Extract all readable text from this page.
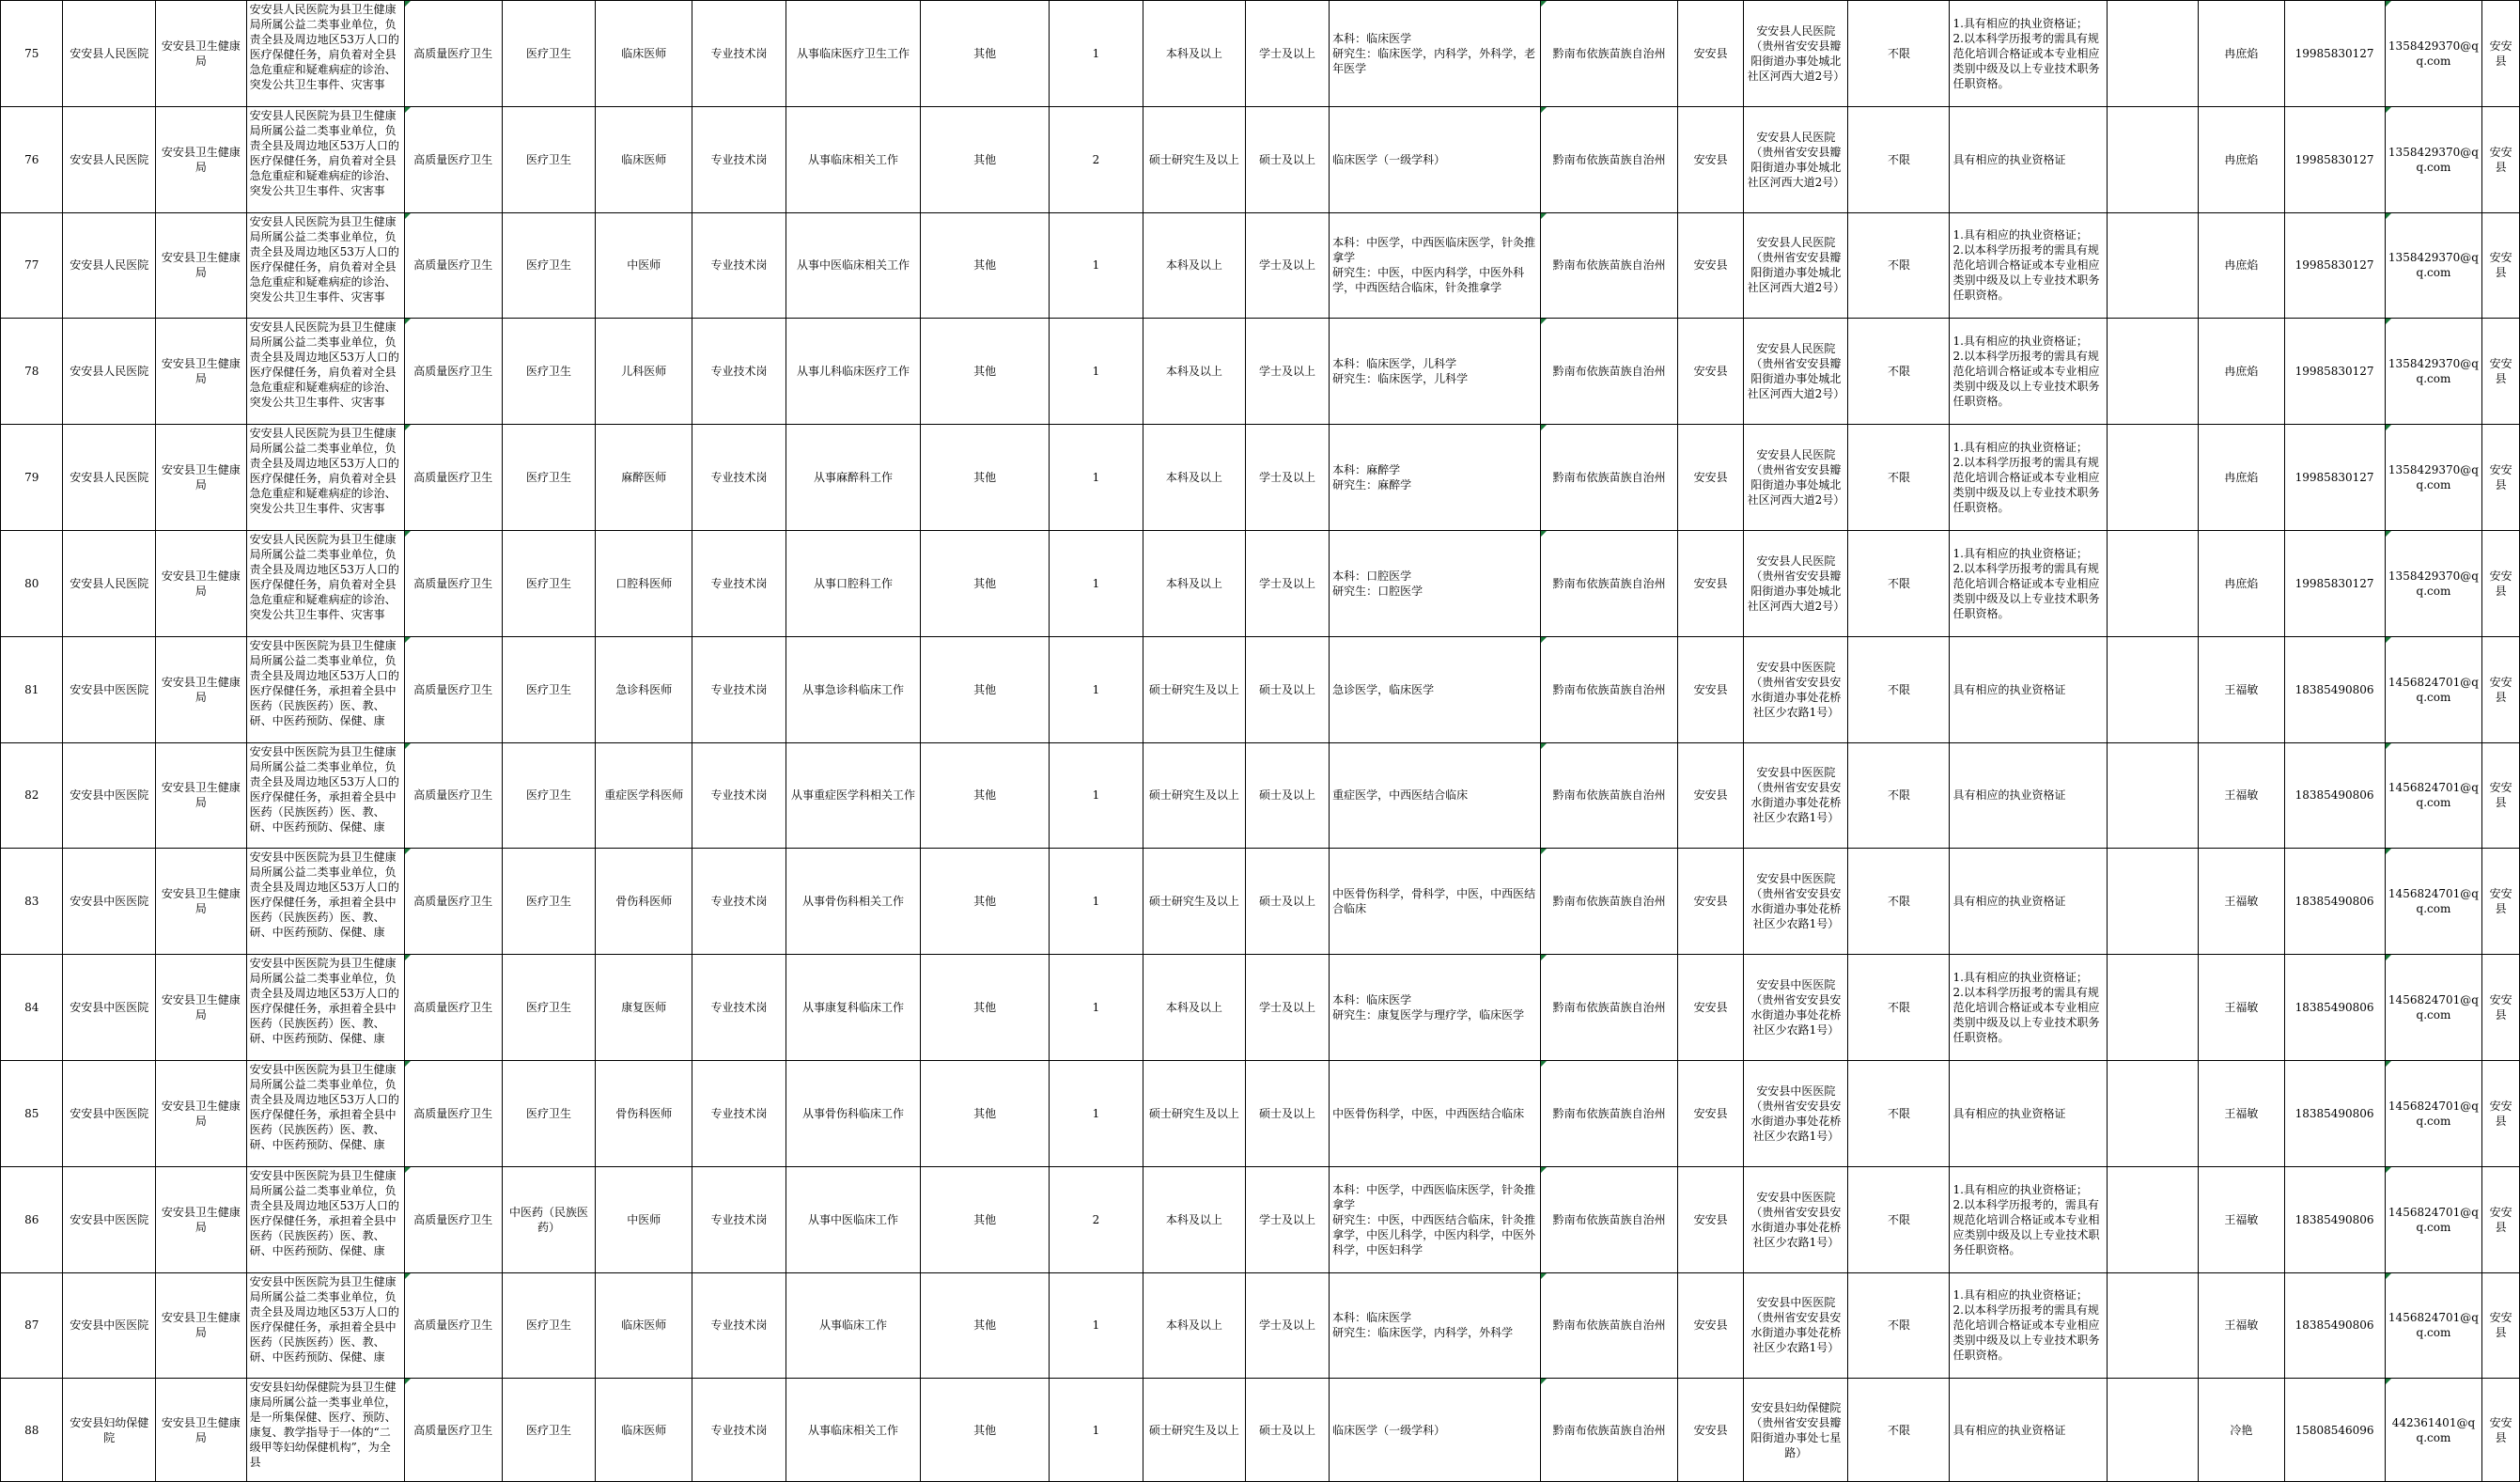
75	安安县人民医院	安安县卫生健康局	安安县人民医院为县卫生健康局所属公益二类事业单位，负责全县及周边地区53万人口的医疗保健任务，肩负着对全县急危重症和疑难病症的诊治、突发公共卫生事件、灾害事	高质量医疗卫生	医疗卫生	临床医师	专业技术岗	从事临床医疗卫生工作	其他	1	本科及以上	学士及以上	本科：临床医学
研究生：临床医学，内科学，外科学，老年医学	黔南布依族苗族自治州	安安县	安安县人民医院（贵州省安安县瓣阳街道办事处城北社区河西大道2号）	不限	1.具有相应的执业资格证；
2.以本科学历报考的需具有规范化培训合格证或本专业相应类别中级及以上专业技术职务任职资格。		冉庶焰	19985830127	1358429370@qq.com	安安县

76	安安县人民医院	安安县卫生健康局	安安县人民医院为县卫生健康局所属公益二类事业单位，负责全县及周边地区53万人口的医疗保健任务，肩负着对全县急危重症和疑难病症的诊治、突发公共卫生事件、灾害事	高质量医疗卫生	医疗卫生	临床医师	专业技术岗	从事临床相关工作	其他	2	硕士研究生及以上	硕士及以上	临床医学（一级学科）	黔南布依族苗族自治州	安安县	安安县人民医院（贵州省安安县瓣阳街道办事处城北社区河西大道2号）	不限	具有相应的执业资格证		冉庶焰	19985830127	1358429370@qq.com	安安县

77	安安县人民医院	安安县卫生健康局	安安县人民医院为县卫生健康局所属公益二类事业单位，负责全县及周边地区53万人口的医疗保健任务，肩负着对全县急危重症和疑难病症的诊治、突发公共卫生事件、灾害事	高质量医疗卫生	医疗卫生	中医师	专业技术岗	从事中医临床相关工作	其他	1	本科及以上	学士及以上	本科：中医学，中西医临床医学，针灸推拿学
研究生：中医，中医内科学，中医外科学，中西医结合临床，针灸推拿学	黔南布依族苗族自治州	安安县	安安县人民医院（贵州省安安县瓣阳街道办事处城北社区河西大道2号）	不限	1.具有相应的执业资格证；
2.以本科学历报考的需具有规范化培训合格证或本专业相应类别中级及以上专业技术职务任职资格。		冉庶焰	19985830127	1358429370@qq.com	安安县

78	安安县人民医院	安安县卫生健康局	安安县人民医院为县卫生健康局所属公益二类事业单位，负责全县及周边地区53万人口的医疗保健任务，肩负着对全县急危重症和疑难病症的诊治、突发公共卫生事件、灾害事	高质量医疗卫生	医疗卫生	儿科医师	专业技术岗	从事儿科临床医疗工作	其他	1	本科及以上	学士及以上	本科：临床医学，儿科学
研究生：临床医学，儿科学	黔南布依族苗族自治州	安安县	安安县人民医院（贵州省安安县瓣阳街道办事处城北社区河西大道2号）	不限	1.具有相应的执业资格证；
2.以本科学历报考的需具有规范化培训合格证或本专业相应类别中级及以上专业技术职务任职资格。		冉庶焰	19985830127	1358429370@qq.com	安安县

79	安安县人民医院	安安县卫生健康局	安安县人民医院为县卫生健康局所属公益二类事业单位，负责全县及周边地区53万人口的医疗保健任务，肩负着对全县急危重症和疑难病症的诊治、突发公共卫生事件、灾害事	高质量医疗卫生	医疗卫生	麻醉医师	专业技术岗	从事麻醉科工作	其他	1	本科及以上	学士及以上	本科：麻醉学
研究生：麻醉学	黔南布依族苗族自治州	安安县	安安县人民医院（贵州省安安县瓣阳街道办事处城北社区河西大道2号）	不限	1.具有相应的执业资格证；
2.以本科学历报考的需具有规范化培训合格证或本专业相应类别中级及以上专业技术职务任职资格。		冉庶焰	19985830127	1358429370@qq.com	安安县

80	安安县人民医院	安安县卫生健康局	安安县人民医院为县卫生健康局所属公益二类事业单位，负责全县及周边地区53万人口的医疗保健任务，肩负着对全县急危重症和疑难病症的诊治、突发公共卫生事件、灾害事	高质量医疗卫生	医疗卫生	口腔科医师	专业技术岗	从事口腔科工作	其他	1	本科及以上	学士及以上	本科：口腔医学
研究生：口腔医学	黔南布依族苗族自治州	安安县	安安县人民医院（贵州省安安县瓣阳街道办事处城北社区河西大道2号）	不限	1.具有相应的执业资格证；
2.以本科学历报考的需具有规范化培训合格证或本专业相应类别中级及以上专业技术职务任职资格。		冉庶焰	19985830127	1358429370@qq.com	安安县

81	安安县中医医院	安安县卫生健康局	安安县中医医院为县卫生健康局所属公益二类事业单位，负责全县及周边地区53万人口的医疗保健任务，承担着全县中医药（民族医药）医、教、研、中医药预防、保健、康	高质量医疗卫生	医疗卫生	急诊科医师	专业技术岗	从事急诊科临床工作	其他	1	硕士研究生及以上	硕士及以上	急诊医学，临床医学	黔南布依族苗族自治州	安安县	安安县中医医院（贵州省安安县安水街道办事处花桥社区少农路1号）	不限	具有相应的执业资格证		王福敏	18385490806	1456824701@qq.com	安安县

82	安安县中医医院	安安县卫生健康局	安安县中医医院为县卫生健康局所属公益二类事业单位，负责全县及周边地区53万人口的医疗保健任务，承担着全县中医药（民族医药）医、教、研、中医药预防、保健、康	高质量医疗卫生	医疗卫生	重症医学科医师	专业技术岗	从事重症医学科相关工作	其他	1	硕士研究生及以上	硕士及以上	重症医学，中西医结合临床	黔南布依族苗族自治州	安安县	安安县中医医院（贵州省安安县安水街道办事处花桥社区少农路1号）	不限	具有相应的执业资格证		王福敏	18385490806	1456824701@qq.com	安安县

83	安安县中医医院	安安县卫生健康局	安安县中医医院为县卫生健康局所属公益二类事业单位，负责全县及周边地区53万人口的医疗保健任务，承担着全县中医药（民族医药）医、教、研、中医药预防、保健、康	高质量医疗卫生	医疗卫生	骨伤科医师	专业技术岗	从事骨伤科相关工作	其他	1	硕士研究生及以上	硕士及以上	中医骨伤科学，骨科学，中医，中西医结合临床	黔南布依族苗族自治州	安安县	安安县中医医院（贵州省安安县安水街道办事处花桥社区少农路1号）	不限	具有相应的执业资格证		王福敏	18385490806	1456824701@qq.com	安安县

84	安安县中医医院	安安县卫生健康局	安安县中医医院为县卫生健康局所属公益二类事业单位，负责全县及周边地区53万人口的医疗保健任务，承担着全县中医药（民族医药）医、教、研、中医药预防、保健、康	高质量医疗卫生	医疗卫生	康复医师	专业技术岗	从事康复科临床工作	其他	1	本科及以上	学士及以上	本科：临床医学
研究生：康复医学与理疗学，临床医学	黔南布依族苗族自治州	安安县	安安县中医医院（贵州省安安县安水街道办事处花桥社区少农路1号）	不限	1.具有相应的执业资格证；
2.以本科学历报考的需具有规范化培训合格证或本专业相应类别中级及以上专业技术职务任职资格。		王福敏	18385490806	1456824701@qq.com	安安县

85	安安县中医医院	安安县卫生健康局	安安县中医医院为县卫生健康局所属公益二类事业单位，负责全县及周边地区53万人口的医疗保健任务，承担着全县中医药（民族医药）医、教、研、中医药预防、保健、康	高质量医疗卫生	医疗卫生	骨伤科医师	专业技术岗	从事骨伤科临床工作	其他	1	硕士研究生及以上	硕士及以上	中医骨伤科学，中医，中西医结合临床	黔南布依族苗族自治州	安安县	安安县中医医院（贵州省安安县安水街道办事处花桥社区少农路1号）	不限	具有相应的执业资格证		王福敏	18385490806	1456824701@qq.com	安安县

86	安安县中医医院	安安县卫生健康局	安安县中医医院为县卫生健康局所属公益二类事业单位，负责全县及周边地区53万人口的医疗保健任务，承担着全县中医药（民族医药）医、教、研、中医药预防、保健、康	高质量医疗卫生	中医药（民族医药）	中医师	专业技术岗	从事中医临床工作	其他	2	本科及以上	学士及以上	本科：中医学，中西医临床医学，针灸推拿学
研究生：中医，中西医结合临床，针灸推拿学，中医儿科学，中医内科学，中医外科学，中医妇科学	黔南布依族苗族自治州	安安县	安安县中医医院（贵州省安安县安水街道办事处花桥社区少农路1号）	不限	1.具有相应的执业资格证；
2.以本科学历报考的，需具有规范化培训合格证或本专业相应类别中级及以上专业技术职务任职资格。		王福敏	18385490806	1456824701@qq.com	安安县

87	安安县中医医院	安安县卫生健康局	安安县中医医院为县卫生健康局所属公益二类事业单位，负责全县及周边地区53万人口的医疗保健任务，承担着全县中医药（民族医药）医、教、研、中医药预防、保健、康	高质量医疗卫生	医疗卫生	临床医师	专业技术岗	从事临床工作	其他	1	本科及以上	学士及以上	本科：临床医学
研究生：临床医学，内科学，外科学	黔南布依族苗族自治州	安安县	安安县中医医院（贵州省安安县安水街道办事处花桥社区少农路1号）	不限	1.具有相应的执业资格证；
2.以本科学历报考的需具有规范化培训合格证或本专业相应类别中级及以上专业技术职务任职资格。		王福敏	18385490806	1456824701@qq.com	安安县

88	安安县妇幼保健院	安安县卫生健康局	安安县妇幼保健院为县卫生健康局所属公益一类事业单位，是一所集保健、医疗、预防、康复、教学指导于一体的“二级甲等妇幼保健机构”，为全县	高质量医疗卫生	医疗卫生	临床医师	专业技术岗	从事临床相关工作	其他	1	硕士研究生及以上	硕士及以上	临床医学（一级学科）	黔南布依族苗族自治州	安安县	安安县妇幼保健院（贵州省安安县瓣阳街道办事处七星路）	不限	具有相应的执业资格证		冷艳	15808546096	442361401@qq.com	安安县
